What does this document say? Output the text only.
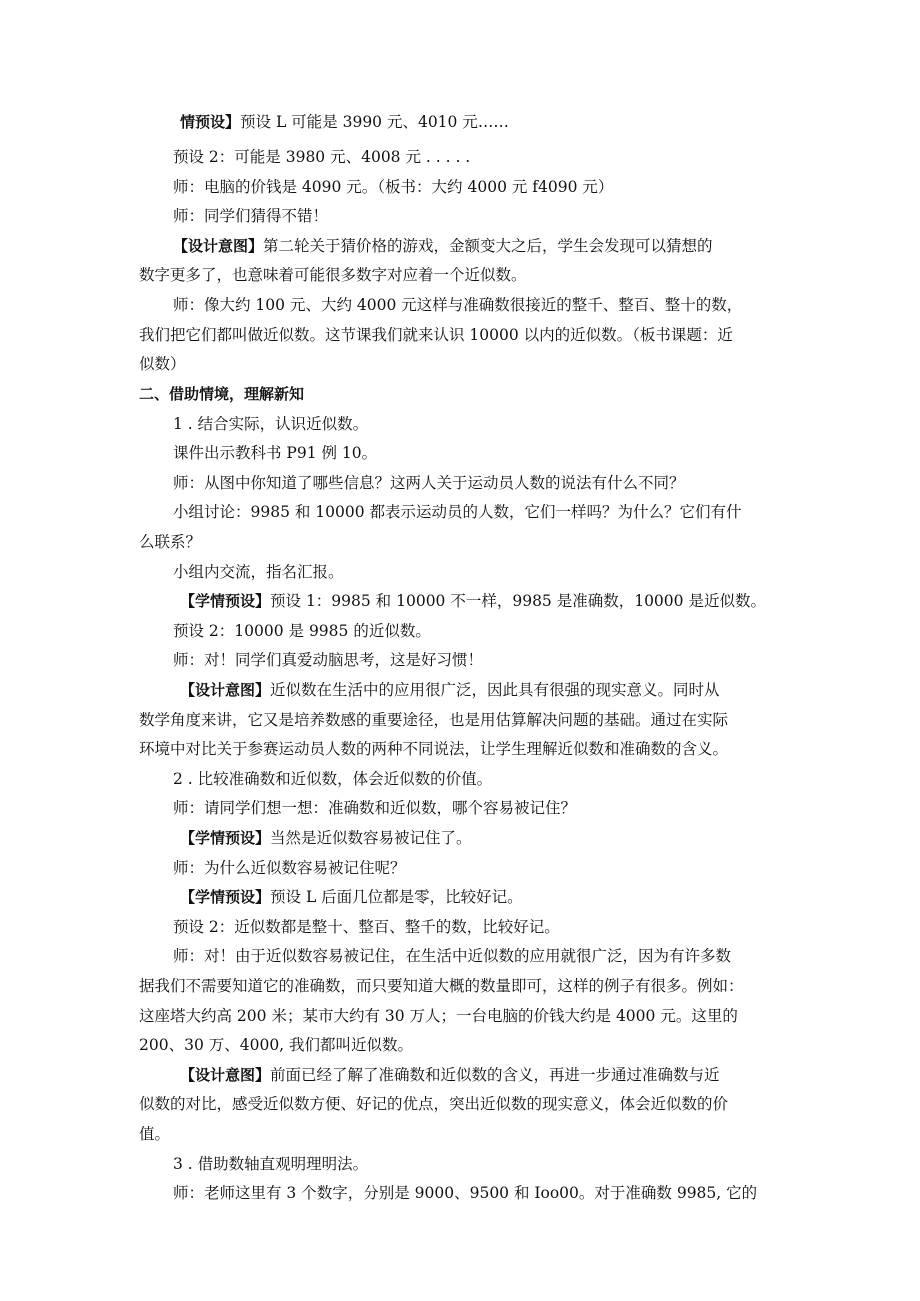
情预设】预设 L 可能是 3990 元、4010 元……
预设 2：可能是 3980 元、4008 元 . . . . .
师：电脑的价钱是 4090 元。（板书：大约 4000 元 f4090 元）
师：同学们猜得不错！
【设计意图】第二轮关于猜价格的游戏，金额变大之后，学生会发现可以猜想的
数字更多了，也意味着可能很多数字对应着一个近似数。
师：像大约 100 元、大约 4000 元这样与准确数很接近的整千、整百、整十的数，
我们把它们都叫做近似数。这节课我们就来认识 10000 以内的近似数。（板书课题：近
似数）
二、借助情境，理解新知
1 . 结合实际，认识近似数。
课件出示教科书 P91 例 10。
师：从图中你知道了哪些信息？这两人关于运动员人数的说法有什么不同？
小组讨论：9985 和 10000 都表示运动员的人数，它们一样吗？为什么？它们有什
么联系？
小组内交流，指名汇报。
【学情预设】预设 1：9985 和 10000 不一样，9985 是准确数，10000 是近似数。
预设 2：10000 是 9985 的近似数。
师：对！同学们真爱动脑思考，这是好习惯！
【设计意图】近似数在生活中的应用很广泛，因此具有很强的现实意义。同时从
数学角度来讲，它又是培养数感的重要途径，也是用估算解决问题的基础。通过在实际
环境中对比关于参赛运动员人数的两种不同说法，让学生理解近似数和准确数的含义。
2 . 比较准确数和近似数，体会近似数的价值。
师：请同学们想一想：准确数和近似数，哪个容易被记住？
【学情预设】当然是近似数容易被记住了。
师：为什么近似数容易被记住呢？
【学情预设】预设 L 后面几位都是零，比较好记。
预设 2：近似数都是整十、整百、整千的数，比较好记。
师：对！由于近似数容易被记住，在生活中近似数的应用就很广泛，因为有许多数
据我们不需要知道它的准确数，而只要知道大概的数量即可，这样的例子有很多。例如：
这座塔大约高 200 米；某市大约有 30 万人；一台电脑的价钱大约是 4000 元。这里的
200、30 万、4000, 我们都叫近似数。
【设计意图】前面已经了解了准确数和近似数的含义，再进一步通过准确数与近
似数的对比，感受近似数方便、好记的优点，突出近似数的现实意义，体会近似数的价
值。
3 . 借助数轴直观明理明法。
师：老师这里有 3 个数字，分别是 9000、9500 和 Ioo00。对于准确数 9985, 它的
